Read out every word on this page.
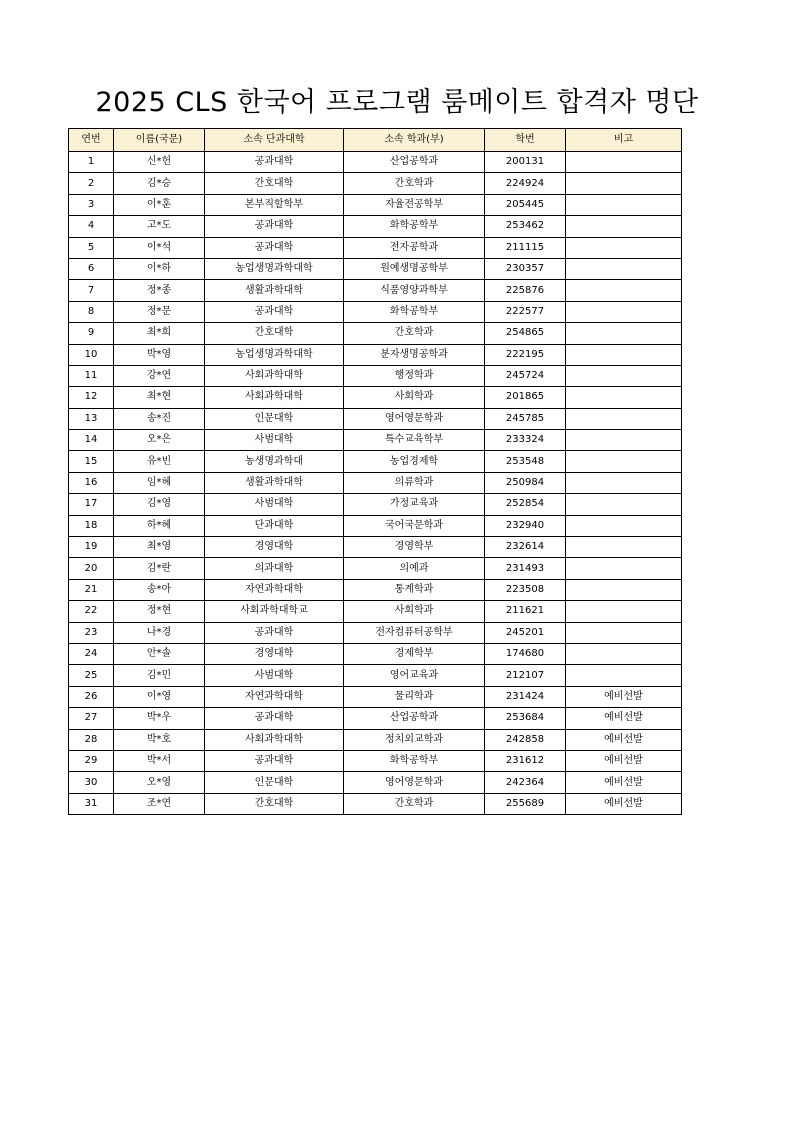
2025 CLS 한국어 프로그램 룸메이트 합격자 명단
연번	이름(국문)	소속 단과대학	소속 학과(부)	학번	비고
1	신*헌	공과대학	산업공학과	200131	
2	김*승	간호대학	간호학과	224924	
3	이*훈	본부직할학부	자율전공학부	205445	
4	고*도	공과대학	화학공학부	253462	
5	이*석	공과대학	전자공학과	211115	
6	이*하	농업생명과학대학	원예생명공학부	230357	
7	정*종	생활과학대학	식품영양과학부	225876	
8	정*문	공과대학	화학공학부	222577	
9	최*희	간호대학	간호학과	254865	
10	박*영	농업생명과학대학	분자생명공학과	222195	
11	강*연	사회과학대학	행정학과	245724	
12	최*현	사회과학대학	사회학과	201865	
13	송*진	인문대학	영어영문학과	245785	
14	오*은	사범대학	특수교육학부	233324	
15	유*빈	농생명과학대	농업경제학	253548	
16	임*혜	생활과학대학	의류학과	250984	
17	김*영	사범대학	가정교육과	252854	
18	하*혜	단과대학	국어국문학과	232940	
19	최*영	경영대학	경영학부	232614	
20	김*란	의과대학	의예과	231493	
21	송*아	자연과학대학	통계학과	223508	
22	정*현	사회과학대학교	사회학과	211621	
23	나*경	공과대학	전자컴퓨터공학부	245201	
24	안*솔	경영대학	경제학부	174680	
25	김*민	사범대학	영어교육과	212107	
26	이*영	자연과학대학	물리학과	231424	예비선발
27	박*우	공과대학	산업공학과	253684	예비선발
28	박*호	사회과학대학	정치외교학과	242858	예비선발
29	박*서	공과대학	화학공학부	231612	예비선발
30	오*영	인문대학	영어영문학과	242364	예비선발
31	조*연	간호대학	간호학과	255689	예비선발
